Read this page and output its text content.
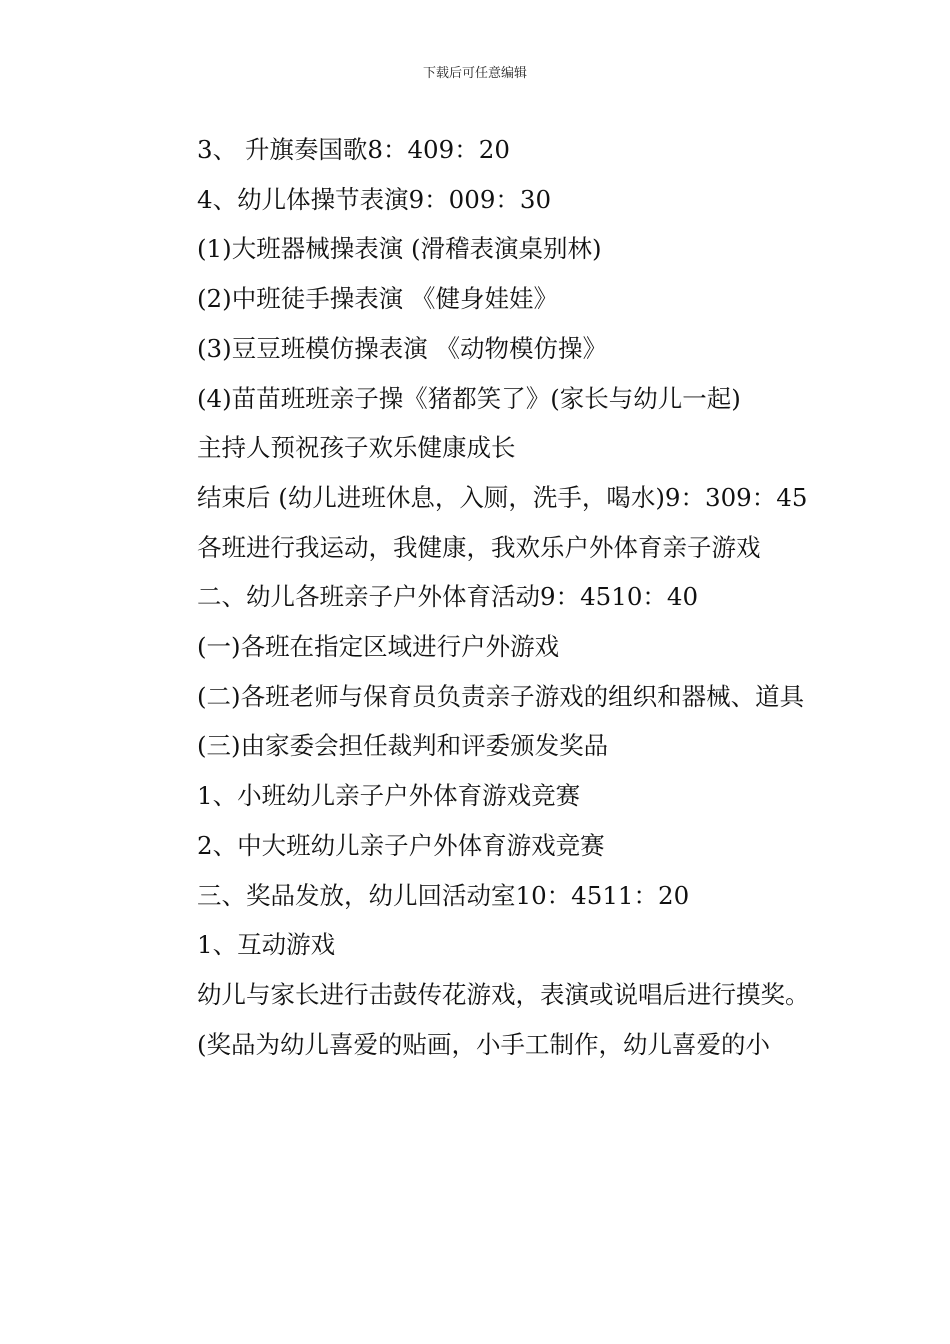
下载后可任意编辑

3、 升旗奏国歌8：409：20

4、幼儿体操节表演9：009：30

(1)大班器械操表演 (滑稽表演桌别林)

(2)中班徒手操表演 《健身娃娃》

(3)豆豆班模仿操表演 《动物模仿操》

(4)苗苗班班亲子操《猪都笑了》(家长与幼儿一起)

主持人预祝孩子欢乐健康成长

结束后 (幼儿进班休息，入厕，洗手，喝水)9：309：45

各班进行我运动，我健康，我欢乐户外体育亲子游戏

二、幼儿各班亲子户外体育活动9：4510：40

(一)各班在指定区域进行户外游戏

(二)各班老师与保育员负责亲子游戏的组织和器械、道具

(三)由家委会担任裁判和评委颁发奖品

1、小班幼儿亲子户外体育游戏竞赛

2、中大班幼儿亲子户外体育游戏竞赛

三、奖品发放，幼儿回活动室10：4511：20

1、互动游戏

幼儿与家长进行击鼓传花游戏，表演或说唱后进行摸奖。

(奖品为幼儿喜爱的贴画，小手工制作，幼儿喜爱的小
